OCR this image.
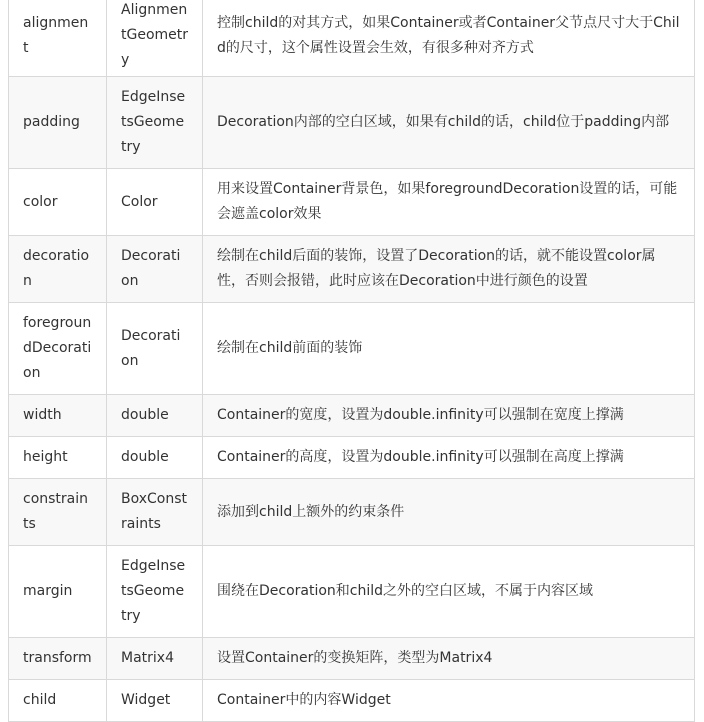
alignment	AlignmentGeometry	控制child的对其方式，如果Container或者Container父节点尺寸大于Child的尺寸，这个属性设置会生效，有很多种对齐方式
padding	EdgeInsetsGeometry	Decoration内部的空白区域，如果有child的话，child位于padding内部
color	Color	用来设置Container背景色，如果foregroundDecoration设置的话，可能会遮盖color效果
decoration	Decoration	绘制在child后面的装饰，设置了Decoration的话，就不能设置color属性，否则会报错，此时应该在Decoration中进行颜色的设置
foregroundDecoration	Decoration	绘制在child前面的装饰
width	double	Container的宽度，设置为double.infinity可以强制在宽度上撑满
height	double	Container的高度，设置为double.infinity可以强制在高度上撑满
constraints	BoxConstraints	添加到child上额外的约束条件
margin	EdgeInsetsGeometry	围绕在Decoration和child之外的空白区域，不属于内容区域
transform	Matrix4	设置Container的变换矩阵，类型为Matrix4
child	Widget	Container中的内容Widget
